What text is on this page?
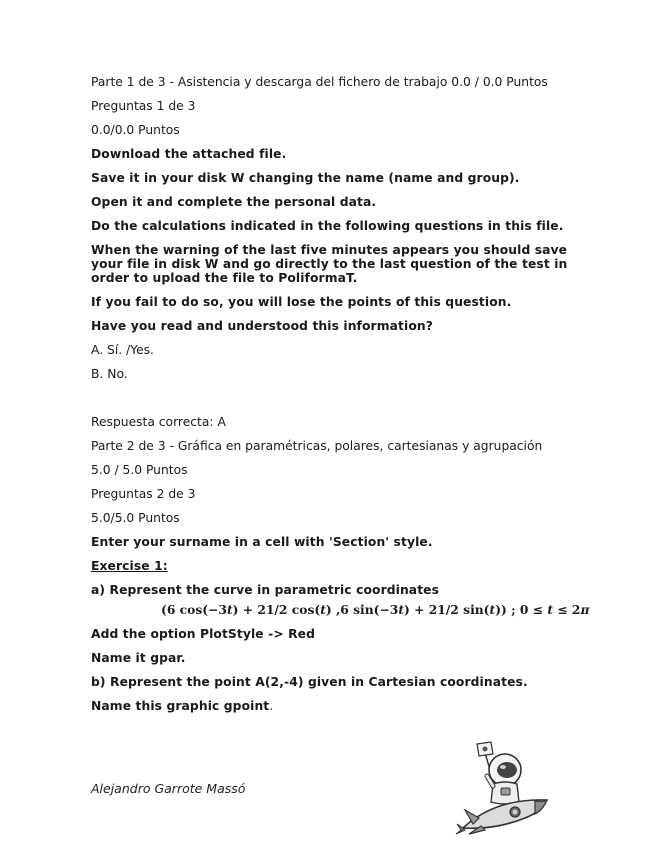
Parte 1 de 3 - Asistencia y descarga del fichero de trabajo 0.0 / 0.0 Puntos

Preguntas 1 de 3

0.0/0.0 Puntos

Download the attached file.

Save it in your disk W changing the name (name and group).

Open it and complete the personal data.

Do the calculations indicated in the following questions in this file.

When the warning of the last five minutes appears you should save your file in disk W and go directly to the last question of the test in order to upload the file to PoliformaT.

If you fail to do so, you will lose the points of this question.

Have you read and understood this information?

A. Sí. /Yes.

B. No.

Respuesta correcta: A

Parte 2 de 3 - Gráfica en paramétricas, polares, cartesianas y agrupación

5.0 / 5.0 Puntos

Preguntas 2 de 3

5.0/5.0 Puntos

Enter your surname in a cell with 'Section' style.

Exercise 1:

a) Represent the curve in parametric coordinates

(6 cos(−3t) + 21/2 cos(t) ,6 sin(−3t) + 21/2 sin(t)) ; 0 ≤ t ≤ 2π

Add the option PlotStyle -> Red

Name it gpar.

b) Represent the point A(2,-4) given in Cartesian coordinates.

Name this graphic gpoint.

Alejandro Garrote Massó
